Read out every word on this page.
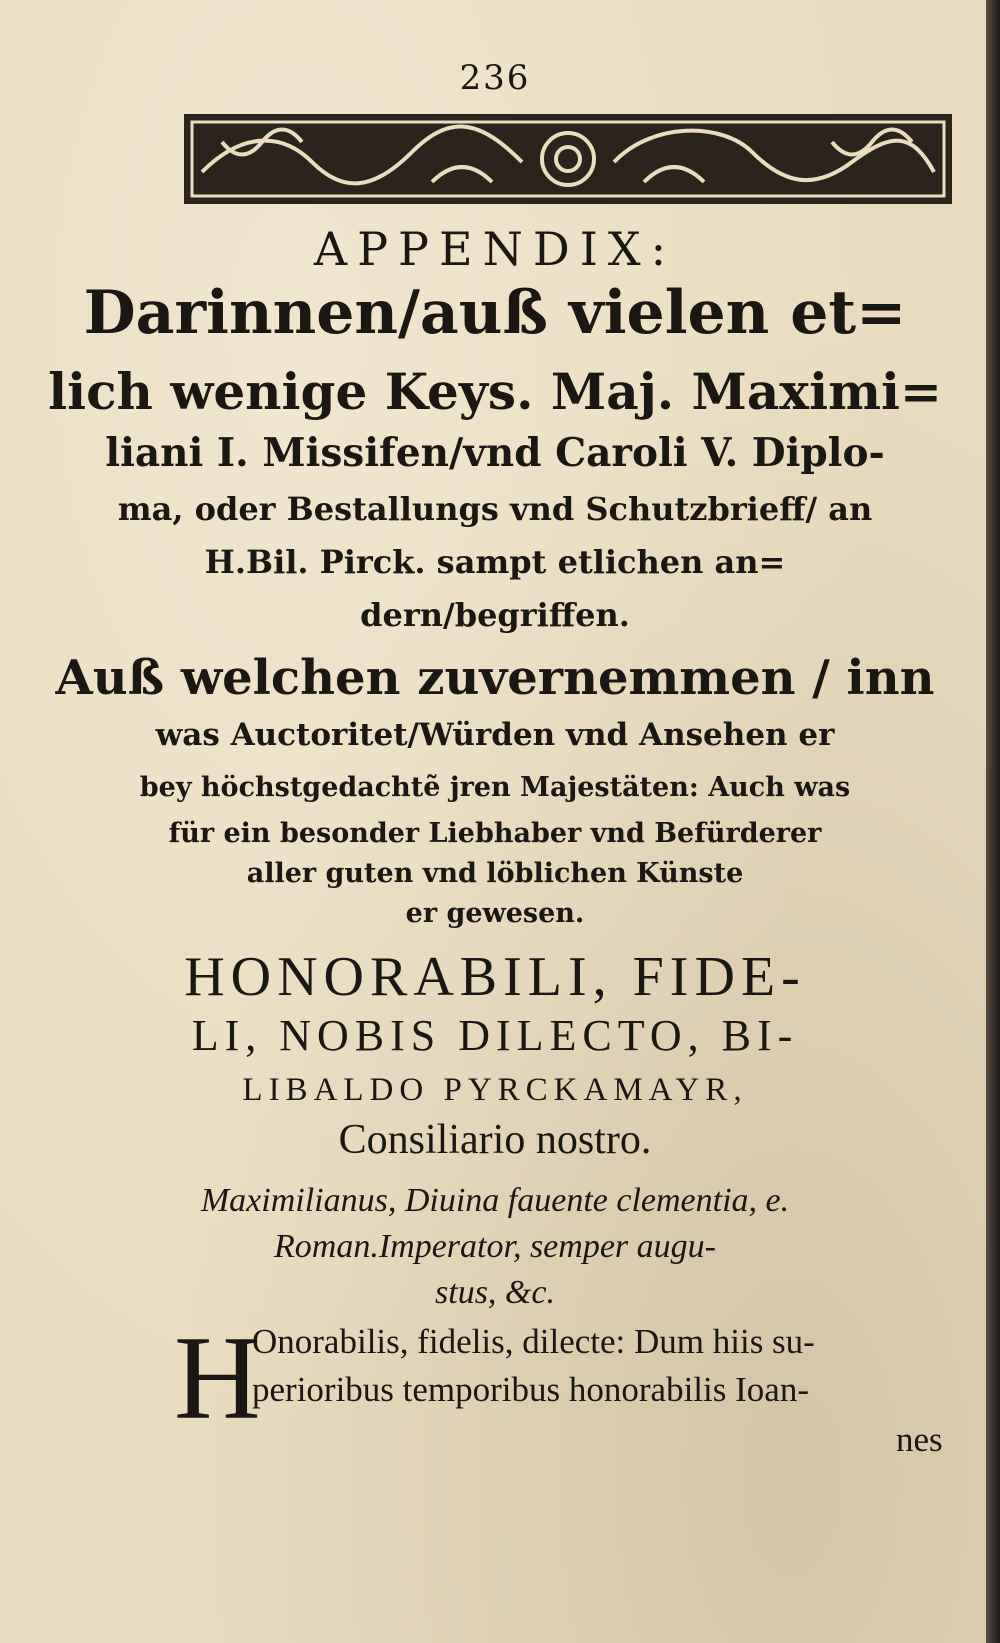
236
APPENDIX:
Darinnen/auß vielen et=
lich wenige Keys. Maj. Maximi=
liani I. Missifen/vnd Caroli V. Diplo-
ma, oder Bestallungs vnd Schutzbrieff/ an
H.Bil. Pirck. sampt etlichen an=
dern/begriffen.
Auß welchen zuvernemmen / inn
was Auctoritet/Würden vnd Ansehen er
bey höchstgedachtẽ jren Majestäten: Auch was
für ein besonder Liebhaber vnd Befürderer
aller guten vnd löblichen Künste
er gewesen.
HONORABILI, FIDE-
LI, NOBIS DILECTO, BI-
LIBALDO PYRCKAMAYR,
Consiliario nostro.
Maximilianus, Diuina fauente clementia, e.
Roman.Imperator, semper augu-
stus, &c.
H
Onorabilis, fidelis, dilecte: Dum hiis su-
perioribus temporibus honorabilis Ioan-
nes
